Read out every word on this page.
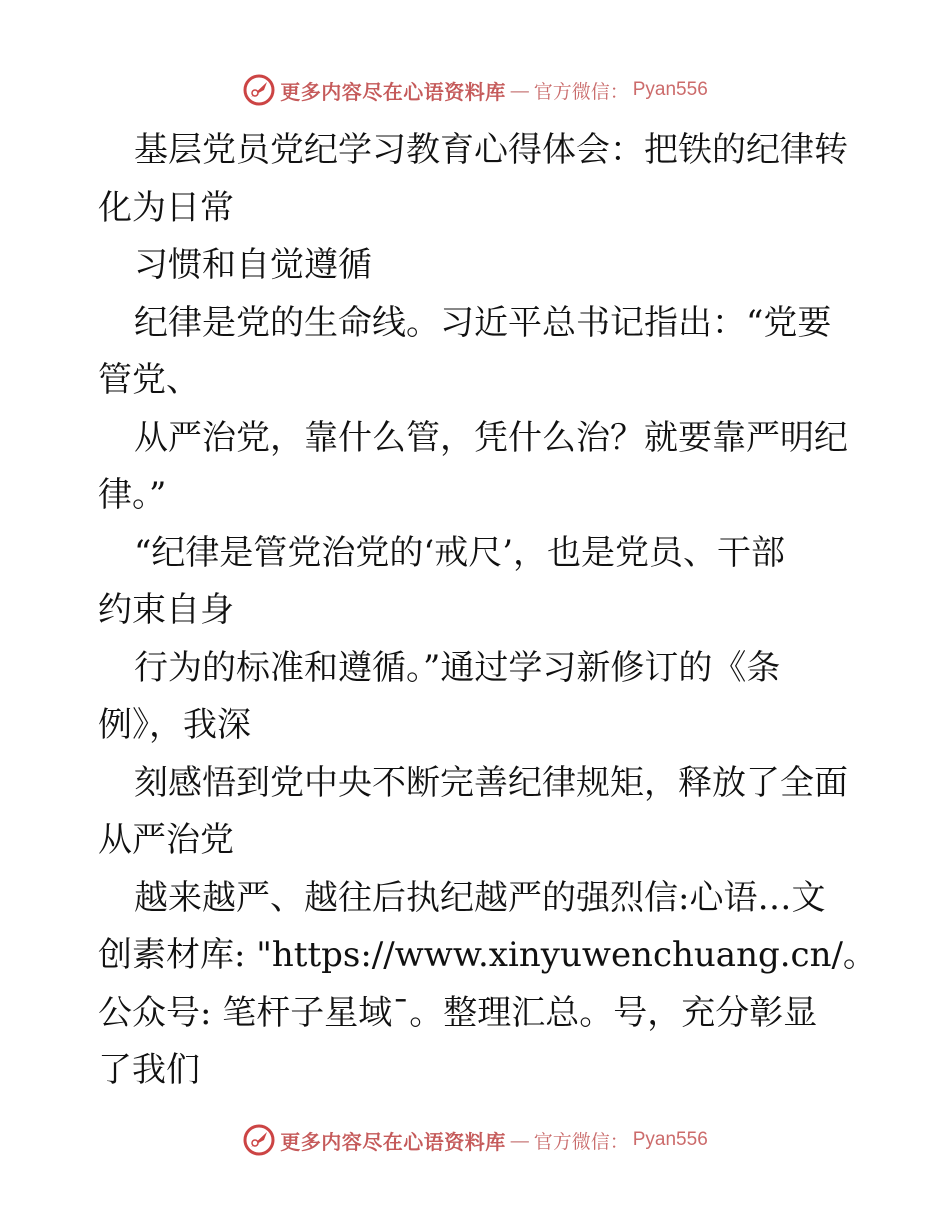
更多内容尽在心语资料库 — 官方微信： Pyan556
基层党员党纪学习教育心得体会：把铁的纪律转
化为日常
习惯和自觉遵循
纪律是党的生命线。习近平总书记指出：“党要
管党、
从严治党，靠什么管，凭什么治？就要靠严明纪
律。”
“纪律是管党治党的‘戒尺’，也是党员、干部
约束自身
行为的标准和遵循。”通过学习新修订的《条
例》，我深
刻感悟到党中央不断完善纪律规矩，释放了全面
从严治党
越来越严、越往后执纪越严的强烈信:心语…文
创素材库: "https://www.xinyuwenchuang.cn/。
公众号: 笔杆子星域¯。整理汇总。号，充分彰显
了我们
更多内容尽在心语资料库 — 官方微信： Pyan556
